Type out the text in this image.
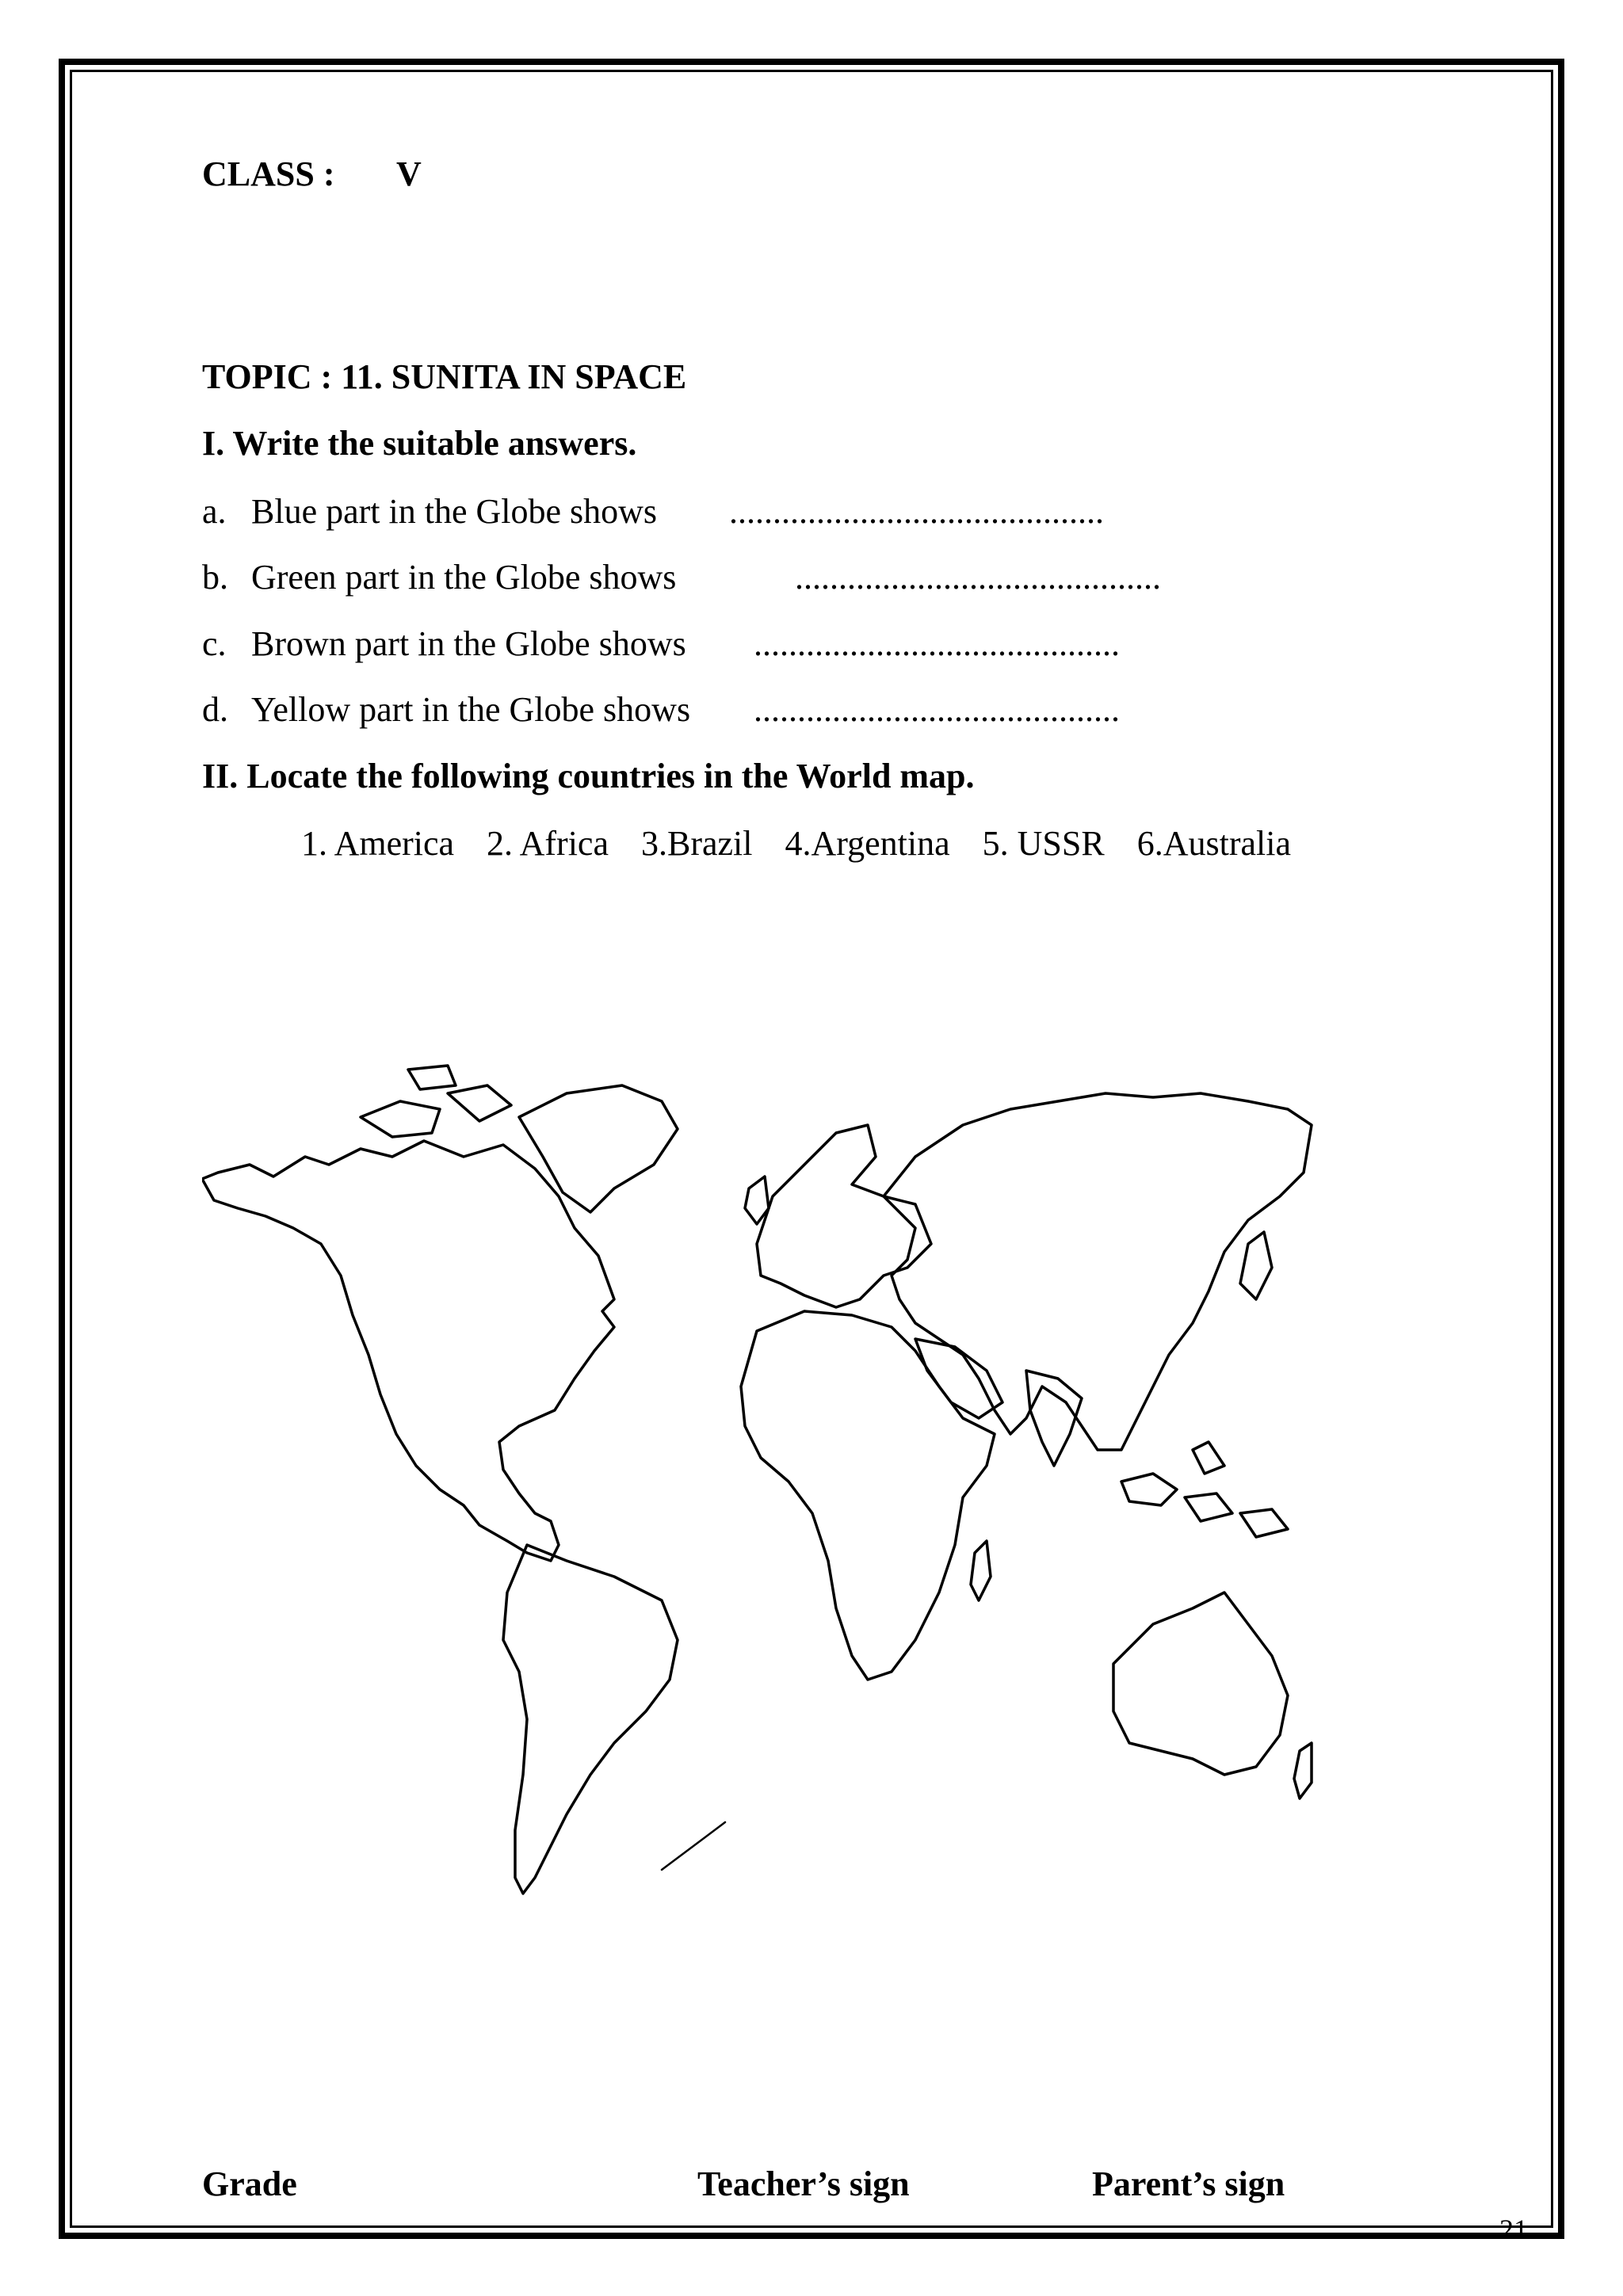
CLASS : V
TOPIC : 11. SUNITA IN SPACE
I. Write the suitable answers.
a. Blue part in the Globe shows ...........................................
b. Green part in the Globe shows	..........................................
c. Brown part in the Globe shows ..........................................
d. Yellow part in the Globe shows ..........................................
II. Locate the following countries in the World map.
1. America 2. Africa 3.Brazil 4.Argentina 5. USSR 6.Australia
Grade	Teacher’s sign	Parent’s sign
21
